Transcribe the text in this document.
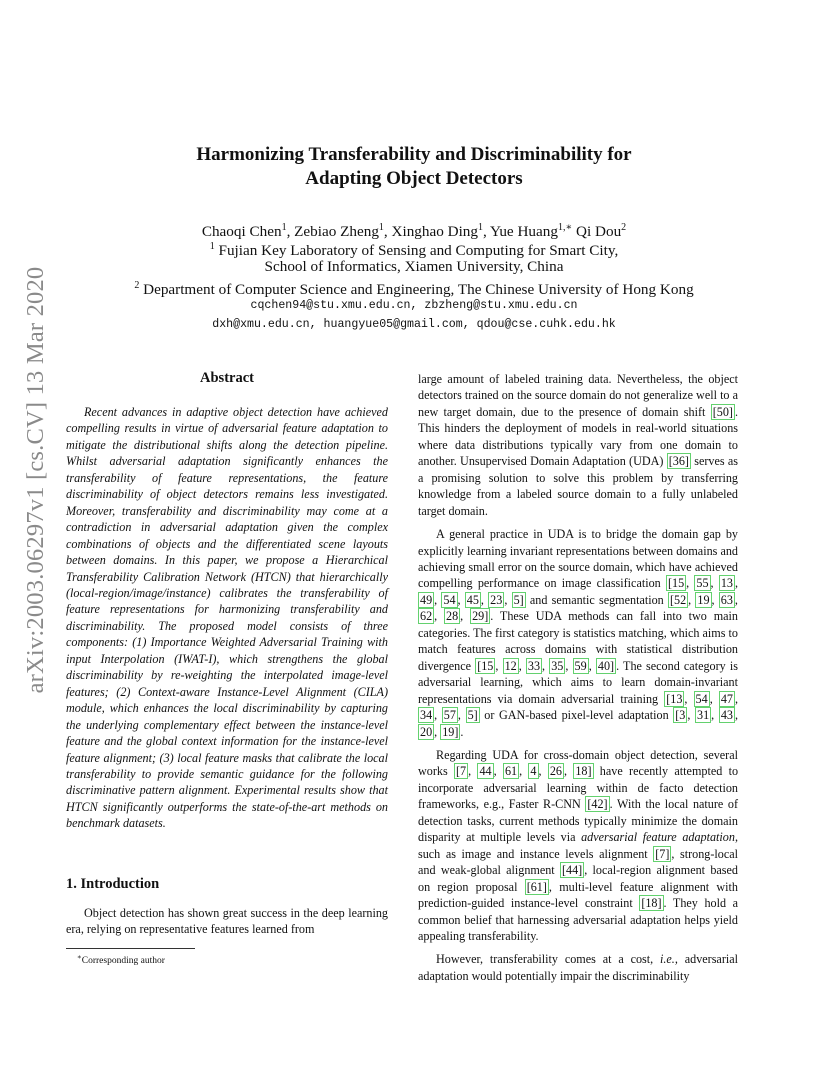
arXiv:2003.06297v1 [cs.CV] 13 Mar 2020
Harmonizing Transferability and Discriminability for
Adapting Object Detectors
Chaoqi Chen$^1$, Zebiao Zheng$^1$, Xinghao Ding$^1$, Yue Huang$^{1,∗}$ Qi Dou$^2$
$^1$ Fujian Key Laboratory of Sensing and Computing for Smart City,
School of Informatics, Xiamen University, China
$^2$ Department of Computer Science and Engineering, The Chinese University of Hong Kong
cqchen94@stu.xmu.edu.cn, zbzheng@stu.xmu.edu.cn
dxh@xmu.edu.cn, huangyue05@gmail.com, qdou@cse.cuhk.edu.hk
Abstract

Recent advances in adaptive object detection have achieved compelling results in virtue of adversarial feature adaptation to mitigate the distributional shifts along the detection pipeline. Whilst adversarial adaptation significantly enhances the transferability of feature representations, the feature discriminability of object detectors remains less investigated. Moreover, transferability and discriminability may come at a contradiction in adversarial adaptation given the complex combinations of objects and the differentiated scene layouts between domains. In this paper, we propose a Hierarchical Transferability Calibration Network (HTCN) that hierarchically (local-region/image/instance) calibrates the transferability of feature representations for harmonizing transferability and discriminability. The proposed model consists of three components: (1) Importance Weighted Adversarial Training with input Interpolation (IWAT-I), which strengthens the global discriminability by re-weighting the interpolated image-level features; (2) Context-aware Instance-Level Alignment (CILA) module, which enhances the local discriminability by capturing the underlying complementary effect between the instance-level feature and the global context information for the instance-level feature alignment; (3) local feature masks that calibrate the local transferability to provide semantic guidance for the following discriminative pattern alignment. Experimental results show that HTCN significantly outperforms the state-of-the-art methods on benchmark datasets.

1. Introduction

Object detection has shown great success in the deep learning era, relying on representative features learned from

∗Corresponding author

large amount of labeled training data. Nevertheless, the object detectors trained on the source domain do not generalize well to a new target domain, due to the presence of domain shift [50] . This hinders the deployment of models in real-world situations where data distributions typically vary from one domain to another. Unsupervised Domain Adaptation (UDA) [36] serves as a promising solution to solve this problem by transferring knowledge from a labeled source domain to a fully unlabeled target domain.

A general practice in UDA is to bridge the domain gap by explicitly learning invariant representations between domains and achieving small error on the source domain, which have achieved compelling performance on image classification [15 , 55 , 13 , 49 , 54 , 45 , 23 , 5] and semantic segmentation [52 , 19 , 63 , 62 , 28 , 29] . These UDA methods can fall into two main categories. The first category is statistics matching, which aims to match features across domains with statistical distribution divergence [15 , 12 , 33 , 35 , 59 , 40] . The second category is adversarial learning, which aims to learn domain-invariant representations via domain adversarial training [13 , 54 , 47 , 34 , 57 , 5] or GAN-based pixel-level adaptation [3 , 31 , 43 , 20 , 19] .

Regarding UDA for cross-domain object detection, several works [7 , 44 , 61 , 4 , 26 , 18] have recently attempted to incorporate adversarial learning within de facto detection frameworks, e.g., Faster R-CNN [42] . With the local nature of detection tasks, current methods typically minimize the domain disparity at multiple levels via adversarial feature adaptation, such as image and instance levels alignment [7] , strong-local and weak-global alignment [44] , local-region alignment based on region proposal [61] , multi-level feature alignment with prediction-guided instance-level constraint [18] . They hold a common belief that harnessing adversarial adaptation helps yield appealing transferability.

However, transferability comes at a cost, i.e., adversarial adaptation would potentially impair the discriminability
